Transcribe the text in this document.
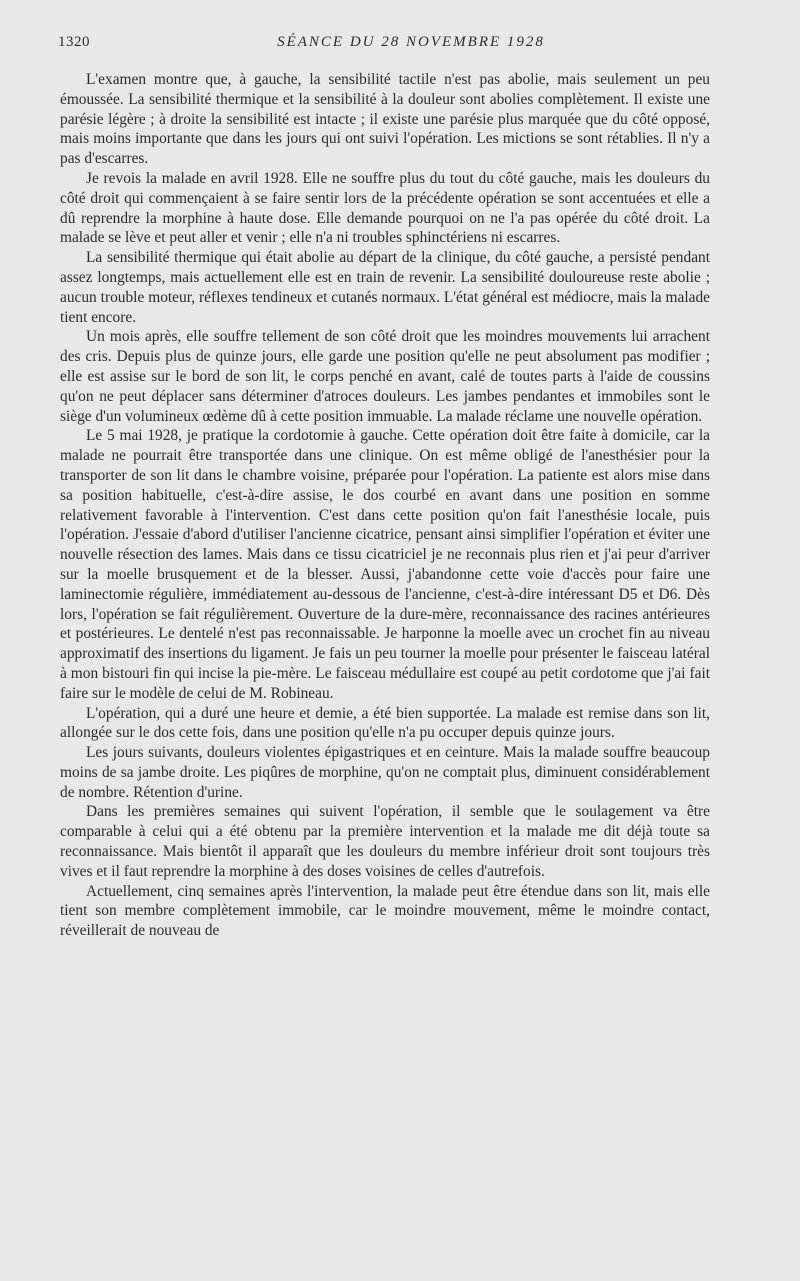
1320	SÉANCE DU 28 NOVEMBRE 1928

L'examen montre que, à gauche, la sensibilité tactile n'est pas abolie, mais seulement un peu émoussée. La sensibilité thermique et la sensibilité à la douleur sont abolies complètement. Il existe une parésie légère ; à droite la sensibilité est intacte ; il existe une parésie plus marquée que du côté opposé, mais moins importante que dans les jours qui ont suivi l'opération. Les mictions se sont rétablies. Il n'y a pas d'escarres.

Je revois la malade en avril 1928. Elle ne souffre plus du tout du côté gauche, mais les douleurs du côté droit qui commençaient à se faire sentir lors de la précédente opération se sont accentuées et elle a dû reprendre la morphine à haute dose. Elle demande pourquoi on ne l'a pas opérée du côté droit. La malade se lève et peut aller et venir ; elle n'a ni troubles sphinctériens ni escarres.

La sensibilité thermique qui était abolie au départ de la clinique, du côté gauche, a persisté pendant assez longtemps, mais actuellement elle est en train de revenir. La sensibilité douloureuse reste abolie ; aucun trouble moteur, réflexes tendineux et cutanés normaux. L'état général est médiocre, mais la malade tient encore.

Un mois après, elle souffre tellement de son côté droit que les moindres mouvements lui arrachent des cris. Depuis plus de quinze jours, elle garde une position qu'elle ne peut absolument pas modifier ; elle est assise sur le bord de son lit, le corps penché en avant, calé de toutes parts à l'aide de coussins qu'on ne peut déplacer sans déterminer d'atroces douleurs. Les jambes pendantes et immobiles sont le siège d'un volumineux œdème dû à cette position immuable. La malade réclame une nouvelle opération.

Le 5 mai 1928, je pratique la cordotomie à gauche. Cette opération doit être faite à domicile, car la malade ne pourrait être transportée dans une clinique. On est même obligé de l'anesthésier pour la transporter de son lit dans le chambre voisine, préparée pour l'opération. La patiente est alors mise dans sa position habituelle, c'est-à-dire assise, le dos courbé en avant dans une position en somme relativement favorable à l'intervention. C'est dans cette position qu'on fait l'anesthésie locale, puis l'opération. J'essaie d'abord d'utiliser l'ancienne cicatrice, pensant ainsi simplifier l'opération et éviter une nouvelle résection des lames. Mais dans ce tissu cicatriciel je ne reconnais plus rien et j'ai peur d'arriver sur la moelle brusquement et de la blesser. Aussi, j'abandonne cette voie d'accès pour faire une laminectomie régulière, immédiatement au-dessous de l'ancienne, c'est-à-dire intéressant D5 et D6. Dès lors, l'opération se fait régulièrement. Ouverture de la dure-mère, reconnaissance des racines antérieures et postérieures. Le dentelé n'est pas reconnaissable. Je harponne la moelle avec un crochet fin au niveau approximatif des insertions du ligament. Je fais un peu tourner la moelle pour présenter le faisceau latéral à mon bistouri fin qui incise la pie-mère. Le faisceau médullaire est coupé au petit cordotome que j'ai fait faire sur le modèle de celui de M. Robineau.

L'opération, qui a duré une heure et demie, a été bien supportée. La malade est remise dans son lit, allongée sur le dos cette fois, dans une position qu'elle n'a pu occuper depuis quinze jours.

Les jours suivants, douleurs violentes épigastriques et en ceinture. Mais la malade souffre beaucoup moins de sa jambe droite. Les piqûres de morphine, qu'on ne comptait plus, diminuent considérablement de nombre. Rétention d'urine.

Dans les premières semaines qui suivent l'opération, il semble que le soulagement va être comparable à celui qui a été obtenu par la première intervention et la malade me dit déjà toute sa reconnaissance. Mais bientôt il apparaît que les douleurs du membre inférieur droit sont toujours très vives et il faut reprendre la morphine à des doses voisines de celles d'autrefois.

Actuellement, cinq semaines après l'intervention, la malade peut être étendue dans son lit, mais elle tient son membre complètement immobile, car le moindre mouvement, même le moindre contact, réveillerait de nouveau de
